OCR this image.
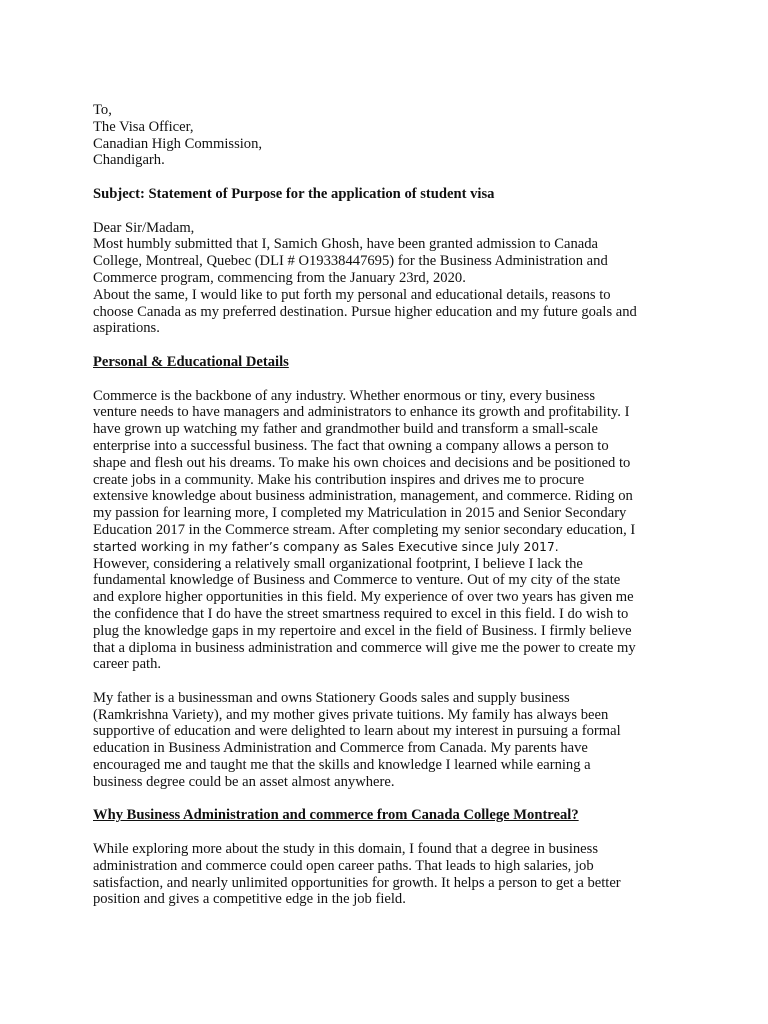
To,
The Visa Officer,
Canadian High Commission,
Chandigarh.
Subject: Statement of Purpose for the application of student visa
Dear Sir/Madam,
Most humbly submitted that I, Samich Ghosh, have been granted admission to Canada
College, Montreal, Quebec (DLI # O19338447695) for the Business Administration and
Commerce program, commencing from the January 23rd, 2020.
About the same, I would like to put forth my personal and educational details, reasons to
choose Canada as my preferred destination. Pursue higher education and my future goals and
aspirations.
Personal & Educational Details
Commerce is the backbone of any industry. Whether enormous or tiny, every business
venture needs to have managers and administrators to enhance its growth and profitability. I
have grown up watching my father and grandmother build and transform a small-scale
enterprise into a successful business. The fact that owning a company allows a person to
shape and flesh out his dreams. To make his own choices and decisions and be positioned to
create jobs in a community. Make his contribution inspires and drives me to procure
extensive knowledge about business administration, management, and commerce. Riding on
my passion for learning more, I completed my Matriculation in 2015 and Senior Secondary
Education 2017 in the Commerce stream. After completing my senior secondary education, I
started working in my father’s company as Sales Executive since July 2017.
However, considering a relatively small organizational footprint, I believe I lack the
fundamental knowledge of Business and Commerce to venture. Out of my city of the state
and explore higher opportunities in this field. My experience of over two years has given me
the confidence that I do have the street smartness required to excel in this field. I do wish to
plug the knowledge gaps in my repertoire and excel in the field of Business. I firmly believe
that a diploma in business administration and commerce will give me the power to create my
career path.
My father is a businessman and owns Stationery Goods sales and supply business
(Ramkrishna Variety), and my mother gives private tuitions. My family has always been
supportive of education and were delighted to learn about my interest in pursuing a formal
education in Business Administration and Commerce from Canada. My parents have
encouraged me and taught me that the skills and knowledge I learned while earning a
business degree could be an asset almost anywhere.
Why Business Administration and commerce from Canada College Montreal?
While exploring more about the study in this domain, I found that a degree in business
administration and commerce could open career paths. That leads to high salaries, job
satisfaction, and nearly unlimited opportunities for growth. It helps a person to get a better
position and gives a competitive edge in the job field.
